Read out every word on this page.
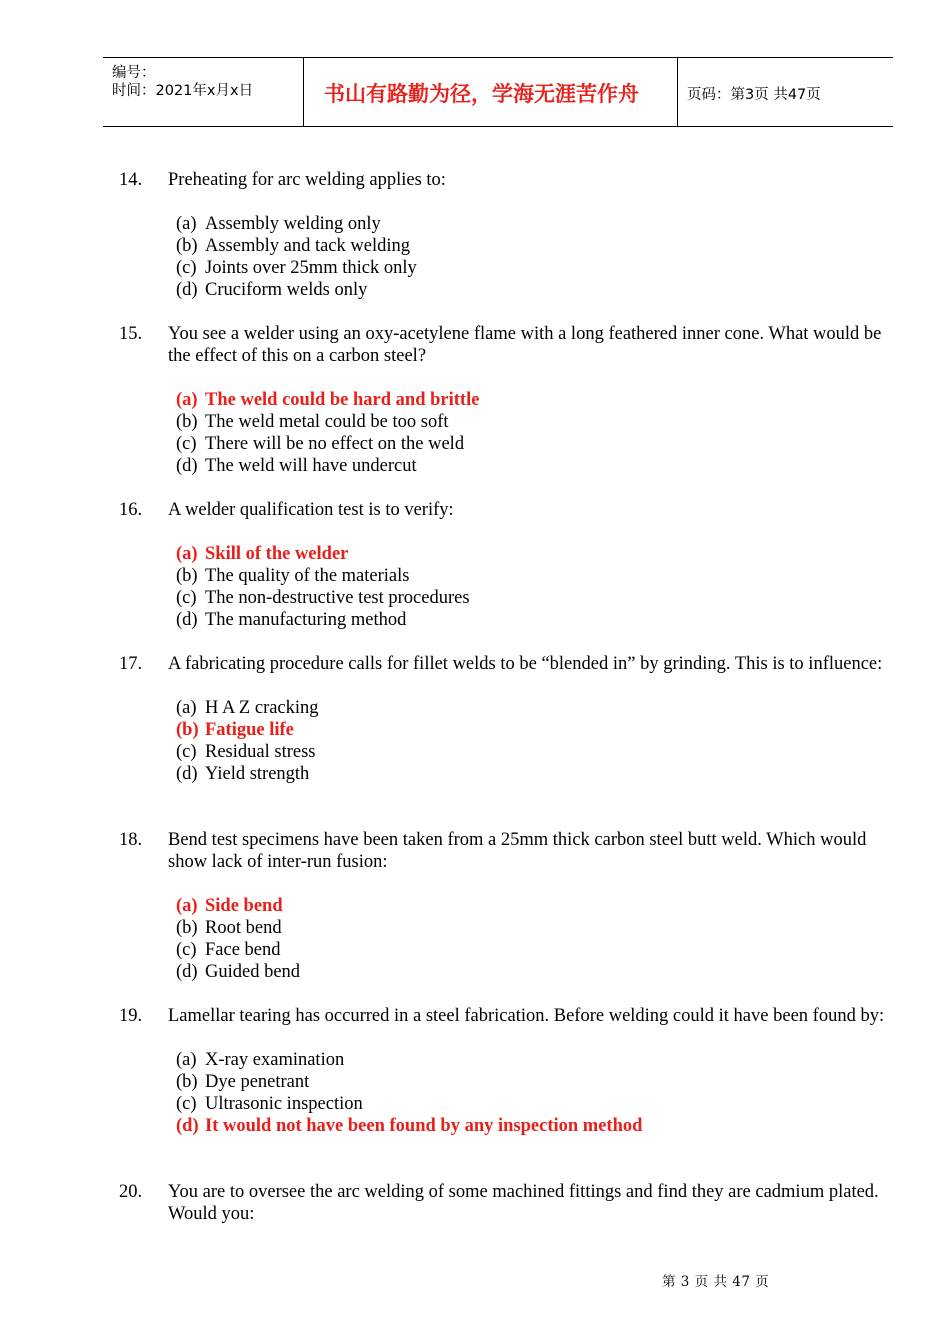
编号：
时间：2021年x月x日	书山有路勤为径，学海无涯苦作舟	页码：第3页 共47页
14. Preheating for arc welding applies to:
(a) Assembly welding only
(b) Assembly and tack welding
(c) Joints over 25mm thick only
(d) Cruciform welds only
15. You see a welder using an oxy-acetylene flame with a long feathered inner cone. What would be the effect of this on a carbon steel?
(a) The weld could be hard and brittle
(b) The weld metal could be too soft
(c) There will be no effect on the weld
(d) The weld will have undercut
16. A welder qualification test is to verify:
(a) Skill of the welder
(b) The quality of the materials
(c) The non-destructive test procedures
(d) The manufacturing method
17. A fabricating procedure calls for fillet welds to be “blended in” by grinding. This is to influence:
(a) H A Z cracking
(b) Fatigue life
(c) Residual stress
(d) Yield strength
18. Bend test specimens have been taken from a 25mm thick carbon steel butt weld. Which would show lack of inter-run fusion:
(a) Side bend
(b) Root bend
(c) Face bend
(d) Guided bend
19. Lamellar tearing has occurred in a steel fabrication. Before welding could it have been found by:
(a) X-ray examination
(b) Dye penetrant
(c) Ultrasonic inspection
(d) It would not have been found by any inspection method
20. You are to oversee the arc welding of some machined fittings and find they are cadmium plated. Would you:
第 3 页 共 47 页
